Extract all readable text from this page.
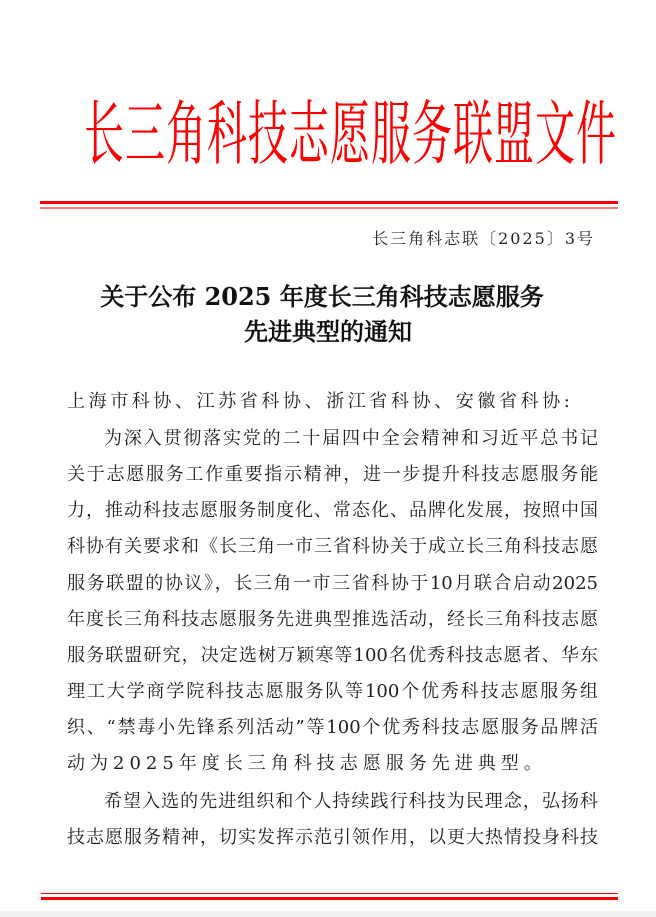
长三角科技志愿服务联盟文件
长三角科志联〔2025〕3号
关于公布 2025 年度长三角科技志愿服务
先进典型的通知
上海市科协、江苏省科协、浙江省科协、安徽省科协:
为深入贯彻落实党的二十届四中全会精神和习近平总书记
关于志愿服务工作重要指示精神，进一步提升科技志愿服务能
力，推动科技志愿服务制度化、常态化、品牌化发展，按照中国
科协有关要求和《长三角一市三省科协关于成立长三角科技志愿
服务联盟的协议》，长三角一市三省科协于10月联合启动2025
年度长三角科技志愿服务先进典型推选活动，经长三角科技志愿
服务联盟研究，决定选树万颖寒等100名优秀科技志愿者、华东
理工大学商学院科技志愿服务队等100个优秀科技志愿服务组
织、“禁毒小先锋系列活动”等100个优秀科技志愿服务品牌活
动为2025年度长三角科技志愿服务先进典型。
希望入选的先进组织和个人持续践行科技为民理念，弘扬科
技志愿服务精神，切实发挥示范引领作用，以更大热情投身科技
